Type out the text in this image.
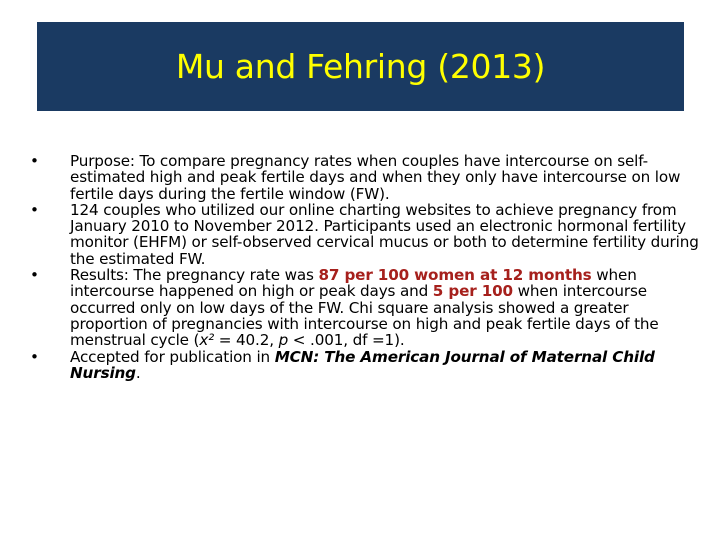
Mu and Fehring (2013)
•	Purpose: To compare pregnancy rates when couples have intercourse on self-estimated high and peak fertile days and when they only have intercourse on low fertile days during the fertile window (FW).
•	124 couples who utilized our online charting websites to achieve pregnancy from January 2010 to November 2012. Participants used an electronic hormonal fertility monitor (EHFM) or self-observed cervical mucus or both to determine fertility during the estimated FW.
•	Results: The pregnancy rate was 87 per 100 women at 12 months when intercourse happened on high or peak days and 5 per 100 when intercourse occurred only on low days of the FW. Chi square analysis showed a greater proportion of pregnancies with intercourse on high and peak fertile days of the menstrual cycle (x² = 40.2, p < .001, df =1).
•	Accepted for publication in MCN: The American Journal of Maternal Child Nursing.
